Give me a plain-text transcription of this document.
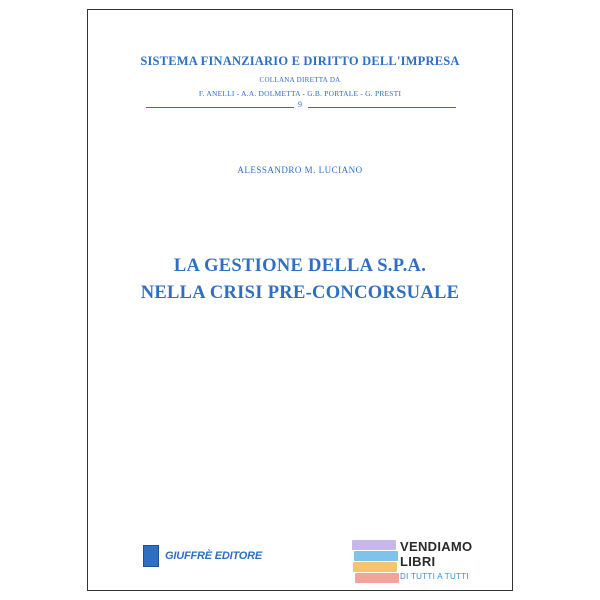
SISTEMA FINANZIARIO E DIRITTO DELL'IMPRESA
COLLANA DIRETTA DA
F. ANELLI - A.A. DOLMETTA - G.B. PORTALE - G. PRESTI
9
ALESSANDRO M. LUCIANO
LA GESTIONE DELLA S.P.A.
NELLA CRISI PRE-CONCORSUALE
GIUFFRÈ EDITORE
VENDIAMO
LIBRI
DI TUTTI A TUTTI
